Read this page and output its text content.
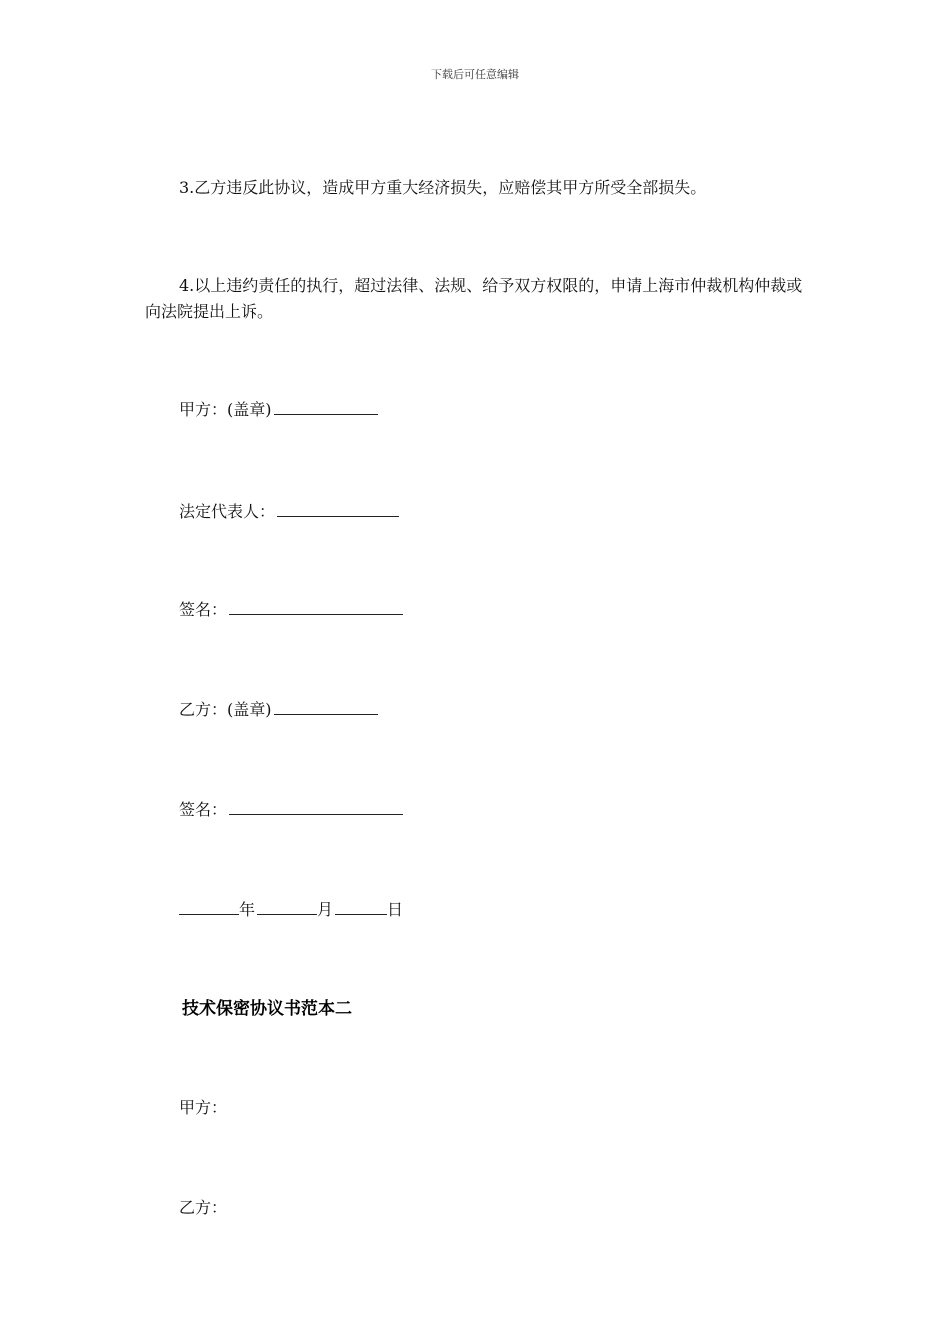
下载后可任意编辑
3.乙方违反此协议，造成甲方重大经济损失，应赔偿其甲方所受全部损失。
4.以上违约责任的执行，超过法律、法规、给予双方权限的，申请上海市仲裁机构仲裁或向法院提出上诉。
甲方：(盖章)
法定代表人：
签名：
乙方：(盖章)
签名：
年	月	日
技术保密协议书范本二
甲方：
乙方：
